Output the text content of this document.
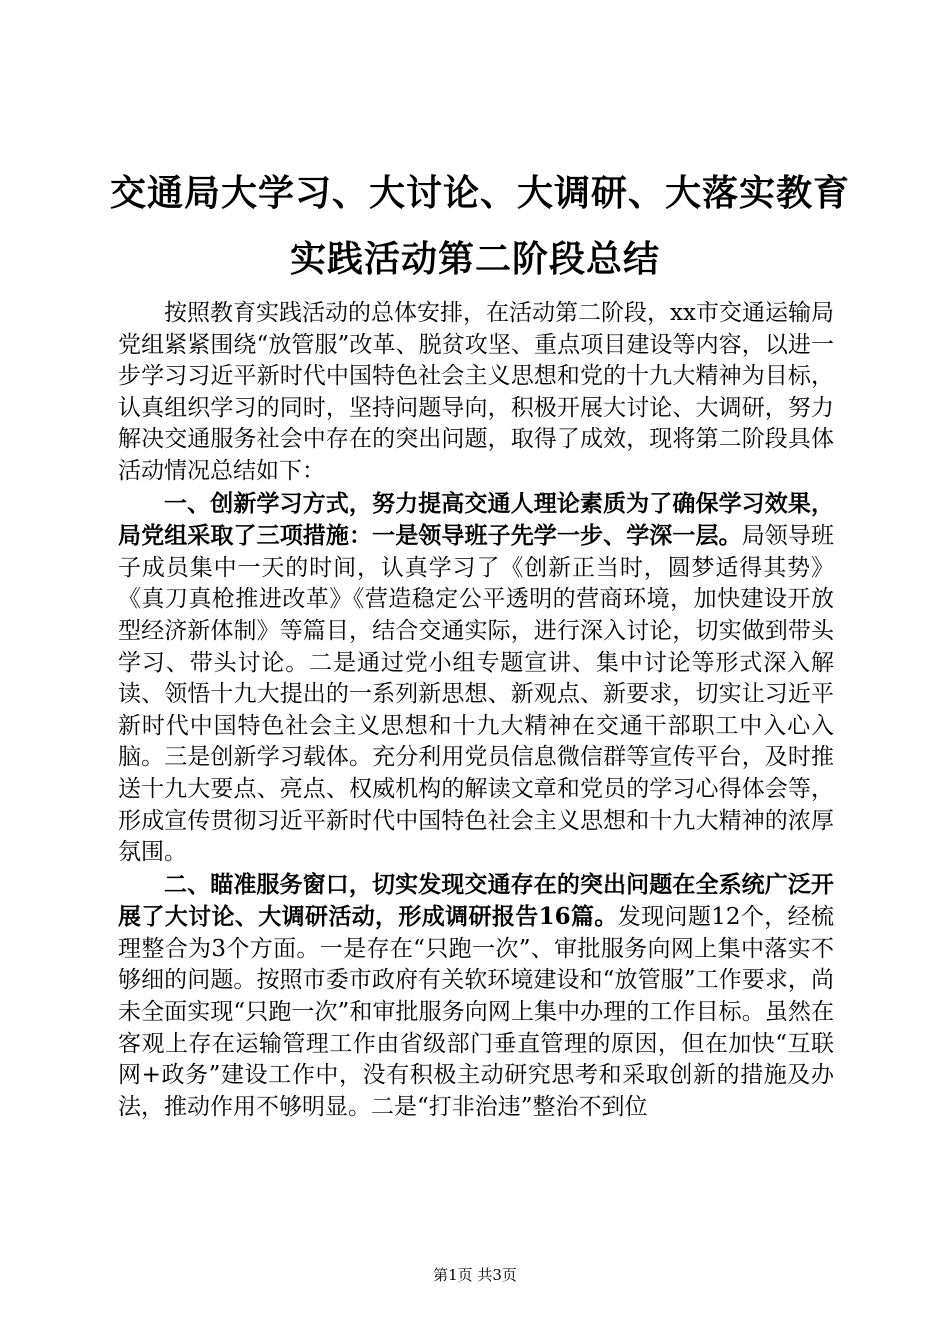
交通局大学习、大讨论、大调研、大落实教育
实践活动第二阶段总结

按照教育实践活动的总体安排，在活动第二阶段，xx市交通运输局党组紧紧围绕“放管服”改革、脱贫攻坚、重点项目建设等内容，以进一步学习习近平新时代中国特色社会主义思想和党的十九大精神为目标，认真组织学习的同时，坚持问题导向，积极开展大讨论、大调研，努力解决交通服务社会中存在的突出问题，取得了成效，现将第二阶段具体活动情况总结如下：

一、创新学习方式，努力提高交通人理论素质为了确保学习效果，局党组采取了三项措施：一是领导班子先学一步、学深一层。局领导班子成员集中一天的时间，认真学习了《创新正当时，圆梦适得其势》《真刀真枪推进改革》《营造稳定公平透明的营商环境，加快建设开放型经济新体制》等篇目，结合交通实际，进行深入讨论，切实做到带头学习、带头讨论。二是通过党小组专题宣讲、集中讨论等形式深入解读、领悟十九大提出的一系列新思想、新观点、新要求，切实让习近平新时代中国特色社会主义思想和十九大精神在交通干部职工中入心入脑。三是创新学习载体。充分利用党员信息微信群等宣传平台，及时推送十九大要点、亮点、权威机构的解读文章和党员的学习心得体会等，形成宣传贯彻习近平新时代中国特色社会主义思想和十九大精神的浓厚氛围。

二、瞄准服务窗口，切实发现交通存在的突出问题在全系统广泛开展了大讨论、大调研活动，形成调研报告16篇。发现问题12个，经梳理整合为3个方面。一是存在“只跑一次”、审批服务向网上集中落实不够细的问题。按照市委市政府有关软环境建设和“放管服”工作要求，尚未全面实现“只跑一次”和审批服务向网上集中办理的工作目标。虽然在客观上存在运输管理工作由省级部门垂直管理的原因，但在加快“互联网+政务”建设工作中，没有积极主动研究思考和采取创新的措施及办法，推动作用不够明显。二是“打非治违”整治不到位

第1页 共3页
